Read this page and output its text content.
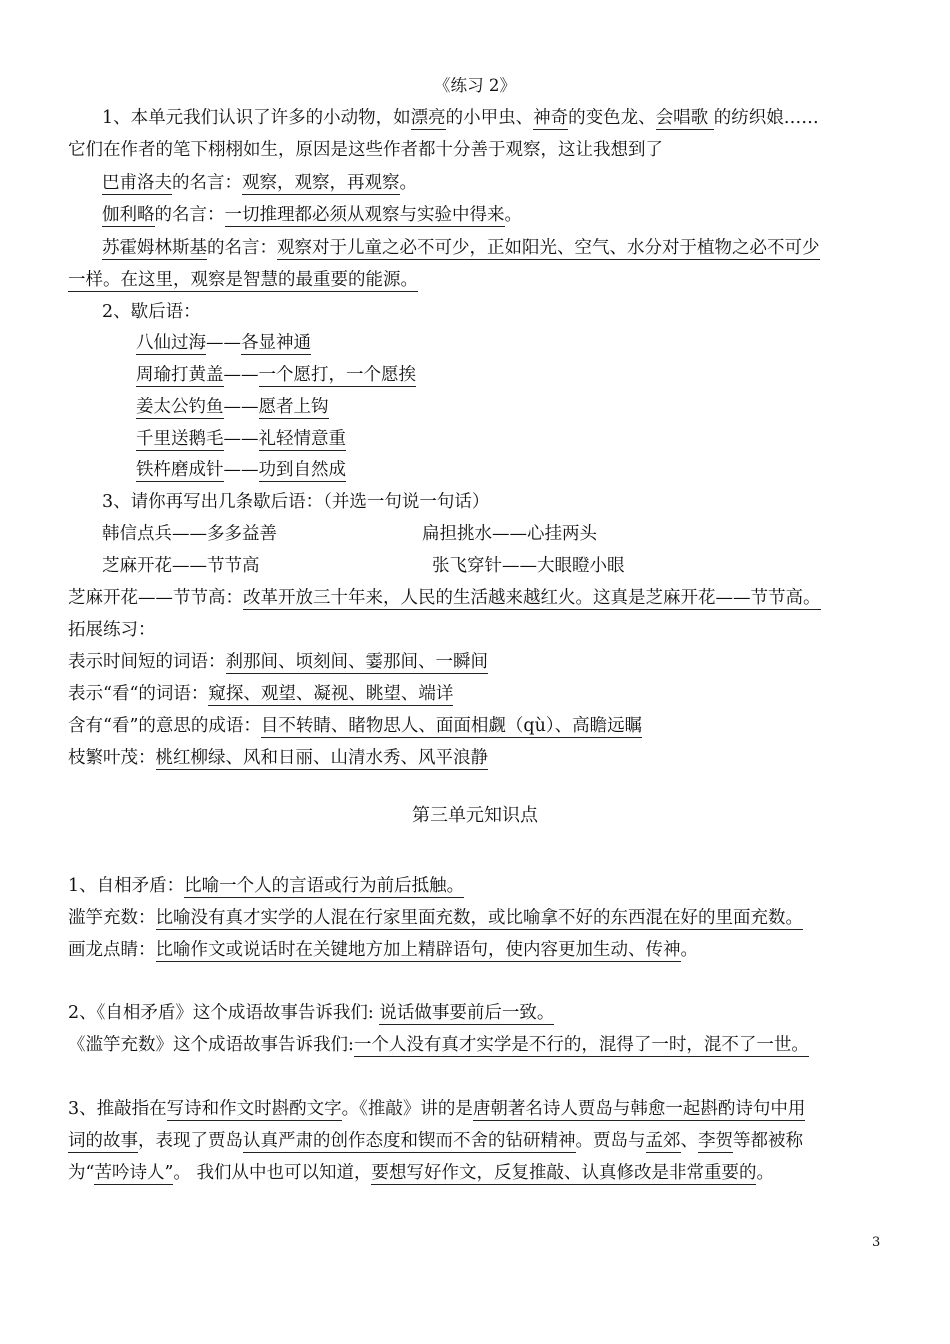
《练习 2》
1、本单元我们认识了许多的小动物，如漂亮的小甲虫、神奇的变色龙、会唱歌 的纺织娘……
它们在作者的笔下栩栩如生，原因是这些作者都十分善于观察，这让我想到了
巴甫洛夫的名言：观察，观察，再观察。
伽利略的名言：一切推理都必须从观察与实验中得来。
苏霍姆林斯基的名言：观察对于儿童之必不可少，正如阳光、空气、水分对于植物之必不可少
一样。在这里，观察是智慧的最重要的能源。
2、歇后语：
八仙过海——各显神通
周瑜打黄盖——一个愿打，一个愿挨
姜太公钓鱼——愿者上钩
千里送鹅毛——礼轻情意重
铁杵磨成针——功到自然成
3、请你再写出几条歇后语：（并选一句说一句话）
韩信点兵——多多益善	扁担挑水——心挂两头
芝麻开花——节节高	张飞穿针——大眼瞪小眼
芝麻开花——节节高：改革开放三十年来，人民的生活越来越红火。这真是芝麻开花——节节高。
拓展练习：
表示时间短的词语：刹那间、顷刻间、霎那间、一瞬间
表示“看“的词语：窥探、观望、凝视、眺望、端详
含有“看”的意思的成语：目不转睛、睹物思人、面面相觑（qù）、高瞻远瞩
枝繁叶茂：桃红柳绿、风和日丽、山清水秀、风平浪静
第三单元知识点
1、自相矛盾：比喻一个人的言语或行为前后抵触。
滥竽充数：比喻没有真才实学的人混在行家里面充数，或比喻拿不好的东西混在好的里面充数。
画龙点睛：比喻作文或说话时在关键地方加上精辟语句，使内容更加生动、传神。
2、《自相矛盾》这个成语故事告诉我们: 说话做事要前后一致。
《滥竽充数》这个成语故事告诉我们:一个人没有真才实学是不行的，混得了一时，混不了一世。
3、推敲指在写诗和作文时斟酌文字。《推敲》讲的是唐朝著名诗人贾岛与韩愈一起斟酌诗句中用
词的故事，表现了贾岛认真严肃的创作态度和锲而不舍的钻研精神。贾岛与孟郊、李贺等都被称
为“苦吟诗人”。 我们从中也可以知道，要想写好作文，反复推敲、认真修改是非常重要的。
3
